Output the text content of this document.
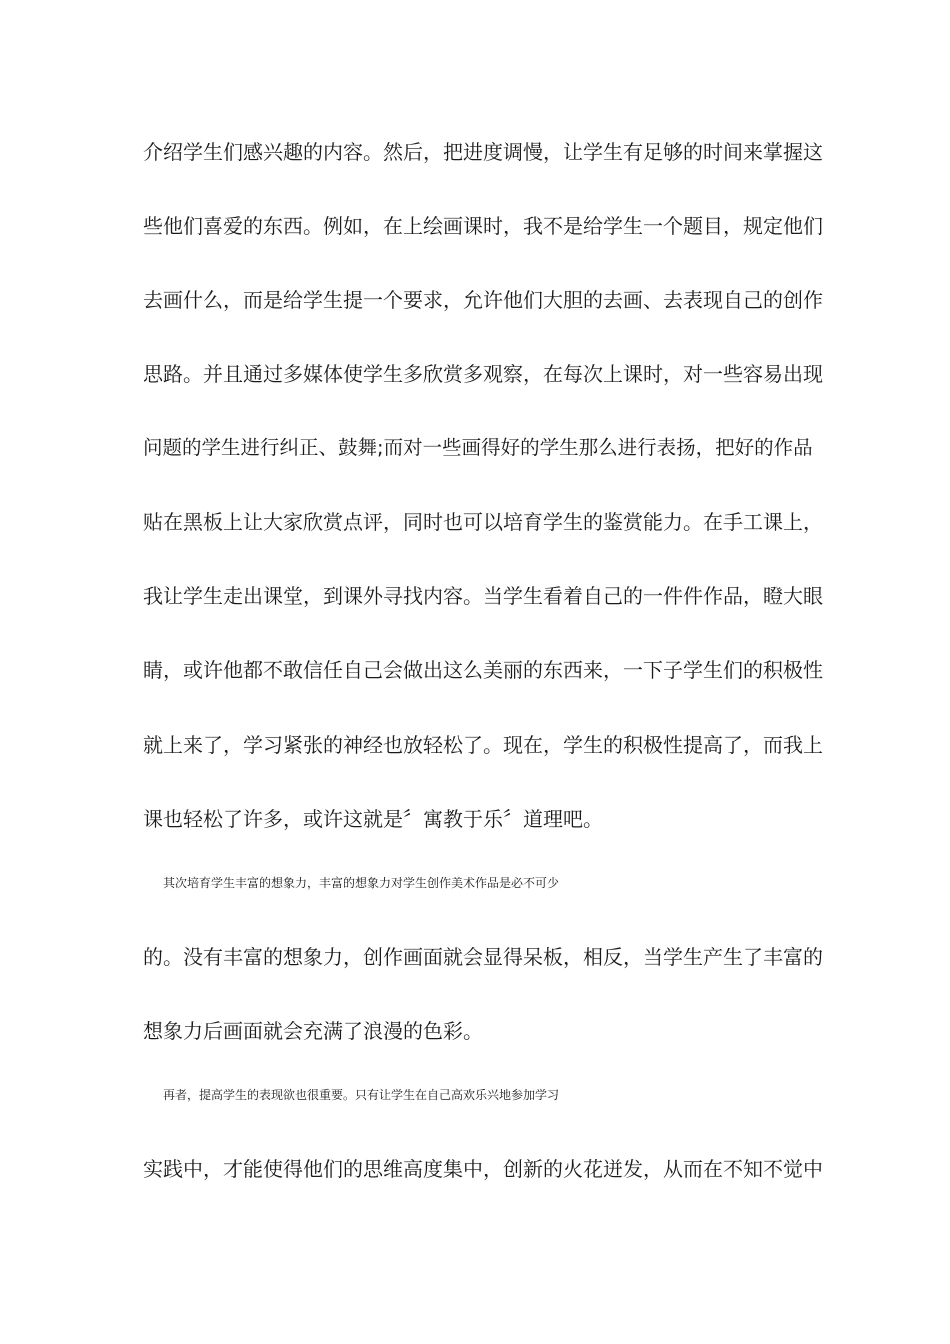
介绍学生们感兴趣的内容。然后，把进度调慢，让学生有足够的时间来掌握这
些他们喜爱的东西。例如，在上绘画课时，我不是给学生一个题目，规定他们
去画什么，而是给学生提一个要求，允许他们大胆的去画、去表现自己的创作
思路。并且通过多媒体使学生多欣赏多观察，在每次上课时，对一些容易出现
问题的学生进行纠正、鼓舞;而对一些画得好的学生那么进行表扬，把好的作品
贴在黑板上让大家欣赏点评，同时也可以培育学生的鉴赏能力。在手工课上，
我让学生走出课堂，到课外寻找内容。当学生看着自己的一件件作品，瞪大眼
睛，或许他都不敢信任自己会做出这么美丽的东西来，一下子学生们的积极性
就上来了，学习紧张的神经也放轻松了。现在，学生的积极性提高了，而我上
课也轻松了许多，或许这就是〞寓教于乐〞道理吧。
其次培育学生丰富的想象力，丰富的想象力对学生创作美术作品是必不可少
的。没有丰富的想象力，创作画面就会显得呆板，相反，当学生产生了丰富的
想象力后画面就会充满了浪漫的色彩。
再者，提高学生的表现欲也很重要。只有让学生在自己高欢乐兴地参加学习
实践中，才能使得他们的思维高度集中，创新的火花迸发，从而在不知不觉中
